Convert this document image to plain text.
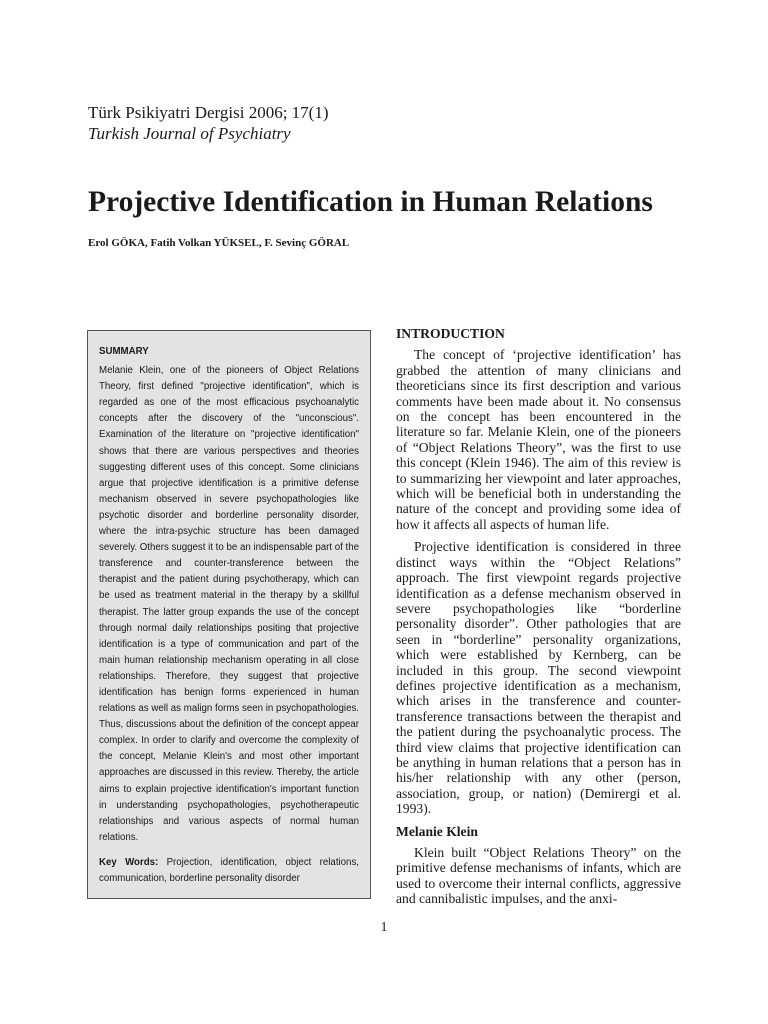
Türk Psikiyatri Dergisi 2006; 17(1)
Turkish Journal of Psychiatry
Projective Identification in Human Relations
Erol GÖKA, Fatih Volkan YÜKSEL, F. Sevinç GÖRAL
SUMMARY

Melanie Klein, one of the pioneers of Object Relations Theory, first defined "projective identification", which is regarded as one of the most efficacious psychoanalytic concepts after the discovery of the "unconscious". Examination of the literature on "projective identification" shows that there are various perspectives and theories suggesting different uses of this concept. Some clinicians argue that projective identification is a primitive defense mechanism observed in severe psychopathologies like psychotic disorder and borderline personality disorder, where the intra-psychic structure has been damaged severely. Others suggest it to be an indispensable part of the transference and counter-transference between the therapist and the patient during psychotherapy, which can be used as treatment material in the therapy by a skillful therapist. The latter group expands the use of the concept through normal daily relationships positing that projective identification is a type of communication and part of the main human relationship mechanism operating in all close relationships. Therefore, they suggest that projective identification has benign forms experienced in human relations as well as malign forms seen in psychopathologies. Thus, discussions about the definition of the concept appear complex. In order to clarify and overcome the complexity of the concept, Melanie Klein's and most other important approaches are discussed in this review. Thereby, the article aims to explain projective identification's important function in understanding psychopathologies, psychotherapeutic relationships and various aspects of normal human relations.

Key Words: Projection, identification, object relations, communication, borderline personality disorder

INTRODUCTION

The concept of ‘projective identification’ has grabbed the attention of many clinicians and theoreticians since its first description and various comments have been made about it. No consensus on the concept has been encountered in the literature so far. Melanie Klein, one of the pioneers of “Object Relations Theory”, was the first to use this concept (Klein 1946). The aim of this review is to summarizing her viewpoint and later approaches, which will be beneficial both in understanding the nature of the concept and providing some idea of how it affects all aspects of human life.

Projective identification is considered in three distinct ways within the “Object Relations” approach. The first viewpoint regards projective identification as a defense mechanism observed in severe psychopathologies like “borderline personality disorder”. Other pathologies that are seen in “borderline” personality organizations, which were established by Kernberg, can be included in this group. The second viewpoint defines projective identification as a mechanism, which arises in the transference and counter-transference transactions between the therapist and the patient during the psychoanalytic process. The third view claims that projective identification can be anything in human relations that a person has in his/her relationship with any other (person, association, group, or nation) (Demirergi et al. 1993).

Melanie Klein

Klein built “Object Relations Theory” on the primitive defense mechanisms of infants, which are used to overcome their internal conflicts, aggressive and cannibalistic impulses, and the anxi-

1
